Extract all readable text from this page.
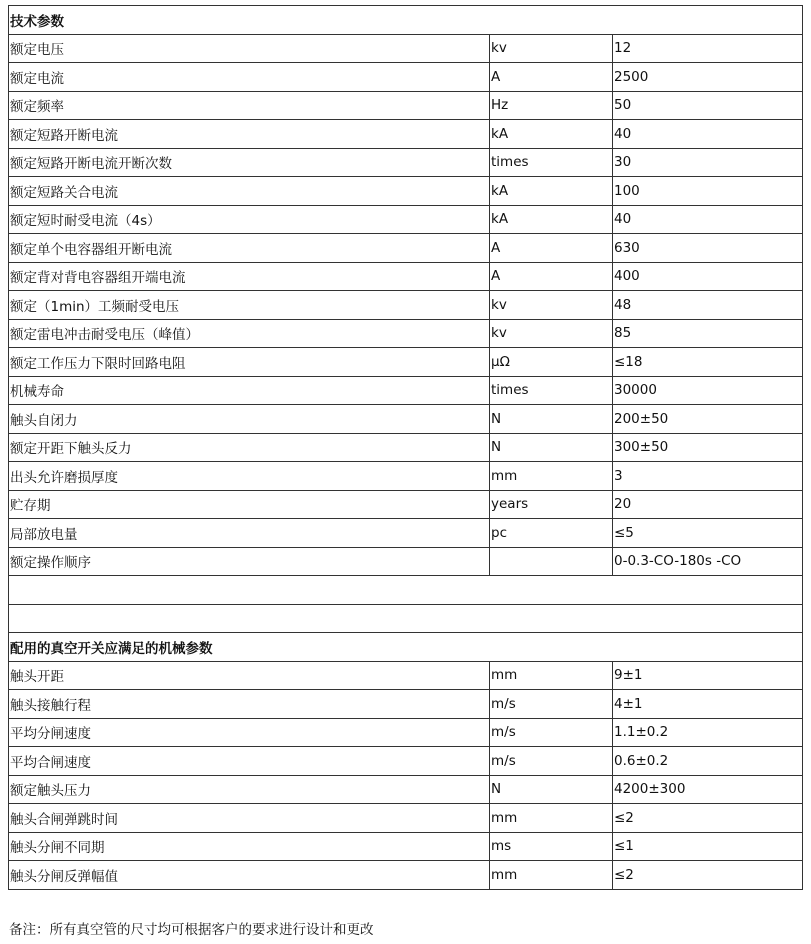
技术参数		
额定电压	kv	12
额定电流	A	2500
额定频率	Hz	50
额定短路开断电流	kA	40
额定短路开断电流开断次数	times	30
额定短路关合电流	kA	100
额定短时耐受电流（4s）	kA	40
额定单个电容器组开断电流	A	630
额定背对背电容器组开端电流	A	400
额定（1min）工频耐受电压	kv	48
额定雷电冲击耐受电压（峰值）	kv	85
额定工作压力下限时回路电阻	μΩ	≤18
机械寿命	times	30000
触头自闭力	N	200±50
额定开距下触头反力	N	300±50
出头允许磨损厚度	mm	3
贮存期	years	20
局部放电量	pc	≤5
额定操作顺序		0-0.3-CO-180s -CO

配用的真空开关应满足的机械参数		
触头开距	mm	9±1
触头接触行程	m/s	4±1
平均分闸速度	m/s	1.1±0.2
平均合闸速度	m/s	0.6±0.2
额定触头压力	N	4200±300
触头合闸弹跳时间	mm	≤2
触头分闸不同期	ms	≤1
触头分闸反弹幅值	mm	≤2
备注：所有真空管的尺寸均可根据客户的要求进行设计和更改
